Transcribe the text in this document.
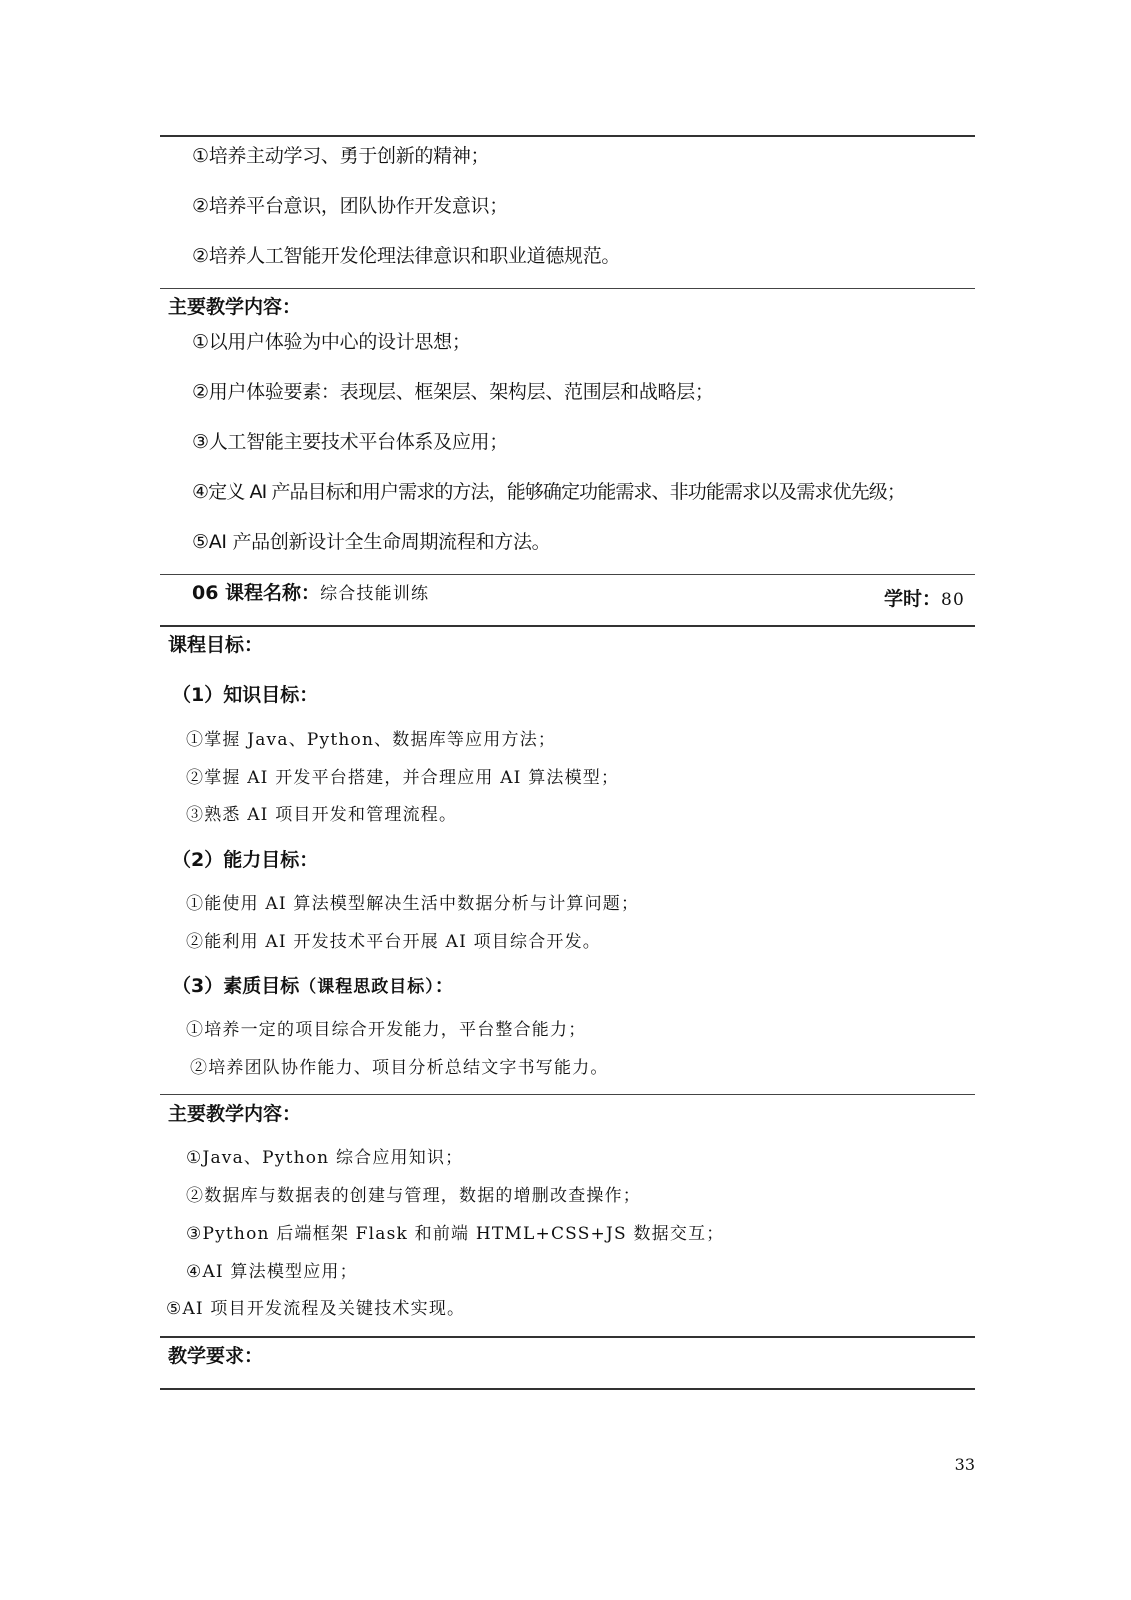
①培养主动学习、勇于创新的精神；
②培养平台意识，团队协作开发意识；
②培养人工智能开发伦理法律意识和职业道德规范。
主要教学内容：
①以用户体验为中心的设计思想；
②用户体验要素：表现层、框架层、架构层、范围层和战略层；
③人工智能主要技术平台体系及应用；
④定义 AI 产品目标和用户需求的方法，能够确定功能需求、非功能需求以及需求优先级；
⑤AI 产品创新设计全生命周期流程和方法。
06 课程名称：综合技能训练	学时：80
课程目标：
（1）知识目标：
①掌握 Java、Python、数据库等应用方法；
②掌握 AI 开发平台搭建，并合理应用 AI 算法模型；
③熟悉 AI 项目开发和管理流程。
（2）能力目标：
①能使用 AI 算法模型解决生活中数据分析与计算问题；
②能利用 AI 开发技术平台开展 AI 项目综合开发。
（3）素质目标（课程思政目标）：
①培养一定的项目综合开发能力，平台整合能力；
②培养团队协作能力、项目分析总结文字书写能力。
主要教学内容：
①Java、Python 综合应用知识；
②数据库与数据表的创建与管理，数据的增删改查操作；
③Python 后端框架 Flask 和前端 HTML+CSS+JS 数据交互；
④AI 算法模型应用；
⑤AI 项目开发流程及关键技术实现。
教学要求：
33
